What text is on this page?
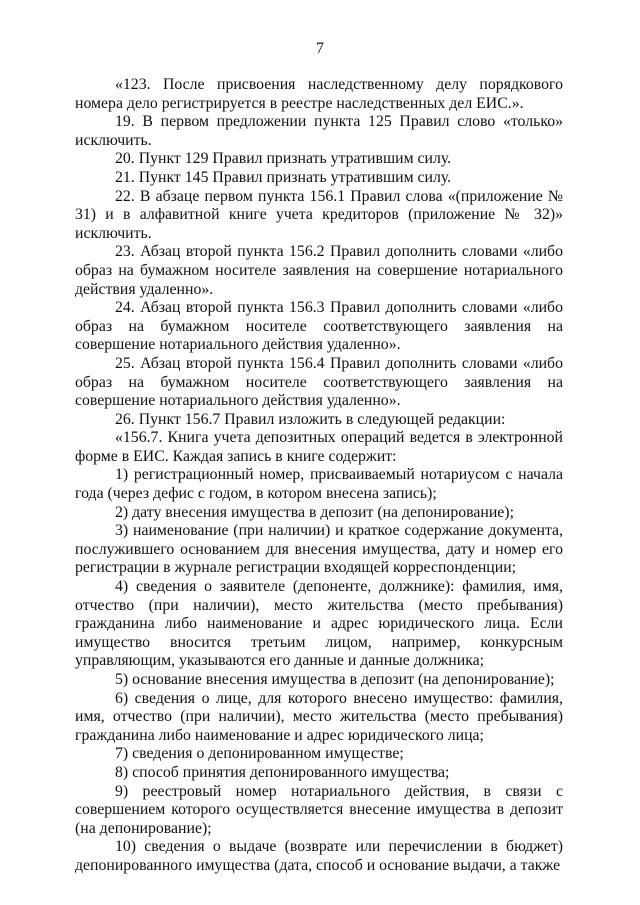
7

«123. После присвоения наследственному делу порядкового номера дело регистрируется в реестре наследственных дел ЕИС.».

19. В первом предложении пункта 125 Правил слово «только» исключить.

20. Пункт 129 Правил признать утратившим силу.

21. Пункт 145 Правил признать утратившим силу.

22. В абзаце первом пункта 156.1 Правил слова «(приложение № 31) и в алфавитной книге учета кредиторов (приложение № 32)» исключить.

23. Абзац второй пункта 156.2 Правил дополнить словами «либо образ на бумажном носителе заявления на совершение нотариального действия удаленно».

24. Абзац второй пункта 156.3 Правил дополнить словами «либо образ на бумажном носителе соответствующего заявления на совершение нотариального действия удаленно».

25. Абзац второй пункта 156.4 Правил дополнить словами «либо образ на бумажном носителе соответствующего заявления на совершение нотариального действия удаленно».

26. Пункт 156.7 Правил изложить в следующей редакции:

«156.7. Книга учета депозитных операций ведется в электронной форме в ЕИС. Каждая запись в книге содержит:

1) регистрационный номер, присваиваемый нотариусом с начала года (через дефис с годом, в котором внесена запись);

2) дату внесения имущества в депозит (на депонирование);

3) наименование (при наличии) и краткое содержание документа, послужившего основанием для внесения имущества, дату и номер его регистрации в журнале регистрации входящей корреспонденции;

4) сведения о заявителе (депоненте, должнике): фамилия, имя, отчество (при наличии), место жительства (место пребывания) гражданина либо наименование и адрес юридического лица. Если имущество вносится третьим лицом, например, конкурсным управляющим, указываются его данные и данные должника;

5) основание внесения имущества в депозит (на депонирование);

6) сведения о лице, для которого внесено имущество: фамилия, имя, отчество (при наличии), место жительства (место пребывания) гражданина либо наименование и адрес юридического лица;

7) сведения о депонированном имуществе;

8) способ принятия депонированного имущества;

9) реестровый номер нотариального действия, в связи с совершением которого осуществляется внесение имущества в депозит (на депонирование);

10) сведения о выдаче (возврате или перечислении в бюджет) депонированного имущества (дата, способ и основание выдачи, а также
